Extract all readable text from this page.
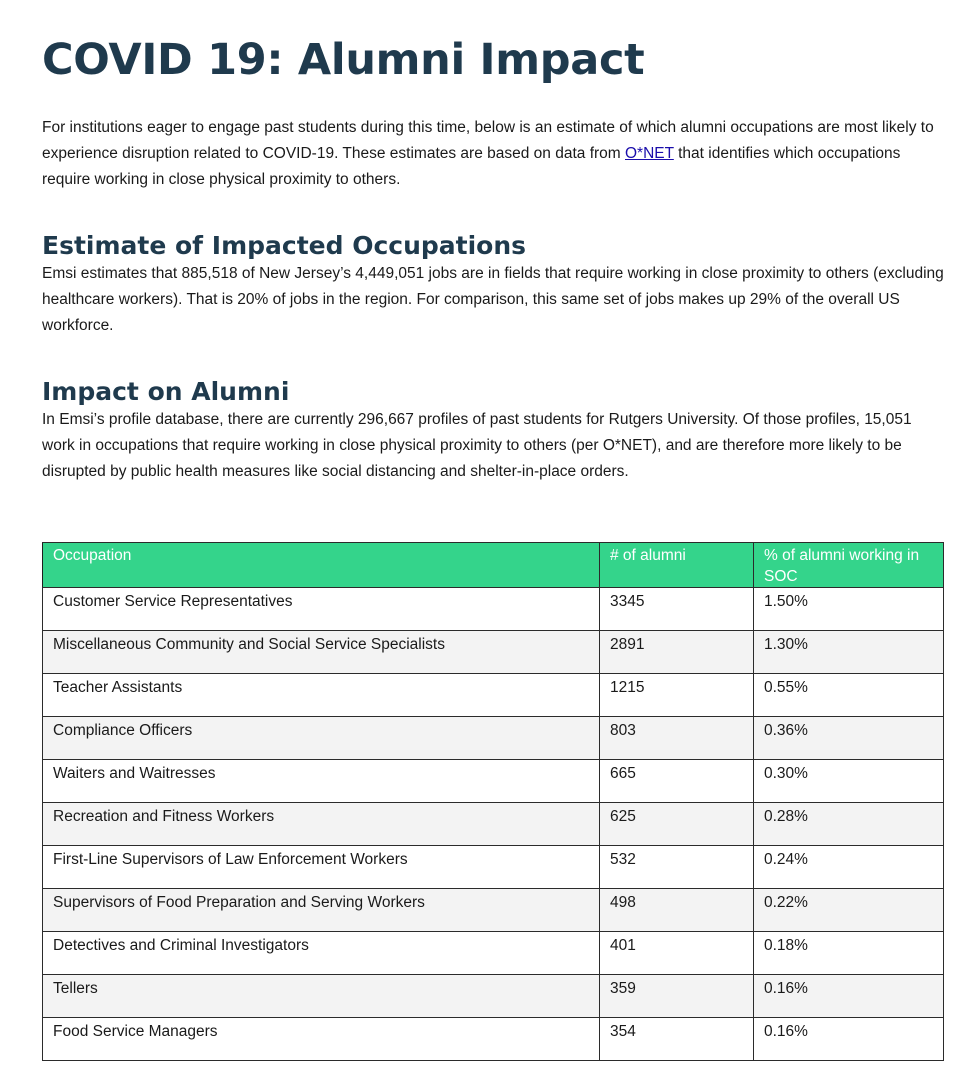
COVID 19: Alumni Impact

For institutions eager to engage past students during this time, below is an estimate of which alumni occupations are most likely to experience disruption related to COVID-19. These estimates are based on data from O*NET that identifies which occupations require working in close physical proximity to others.

Estimate of Impacted Occupations

Emsi estimates that 885,518 of New Jersey’s 4,449,051 jobs are in fields that require working in close proximity to others (excluding healthcare workers). That is 20% of jobs in the region. For comparison, this same set of jobs makes up 29% of the overall US workforce.

Impact on Alumni

In Emsi’s profile database, there are currently 296,667 profiles of past students for Rutgers University. Of those profiles, 15,051 work in occupations that require working in close physical proximity to others (per O*NET), and are therefore more likely to be disrupted by public health measures like social distancing and shelter-in-place orders.

Occupation	# of alumni	% of alumni working in SOC
Customer Service Representatives	3345	1.50%
Miscellaneous Community and Social Service Specialists	2891	1.30%
Teacher Assistants	1215	0.55%
Compliance Officers	803	0.36%
Waiters and Waitresses	665	0.30%
Recreation and Fitness Workers	625	0.28%
First-Line Supervisors of Law Enforcement Workers	532	0.24%
Supervisors of Food Preparation and Serving Workers	498	0.22%
Detectives and Criminal Investigators	401	0.18%
Tellers	359	0.16%
Food Service Managers	354	0.16%
